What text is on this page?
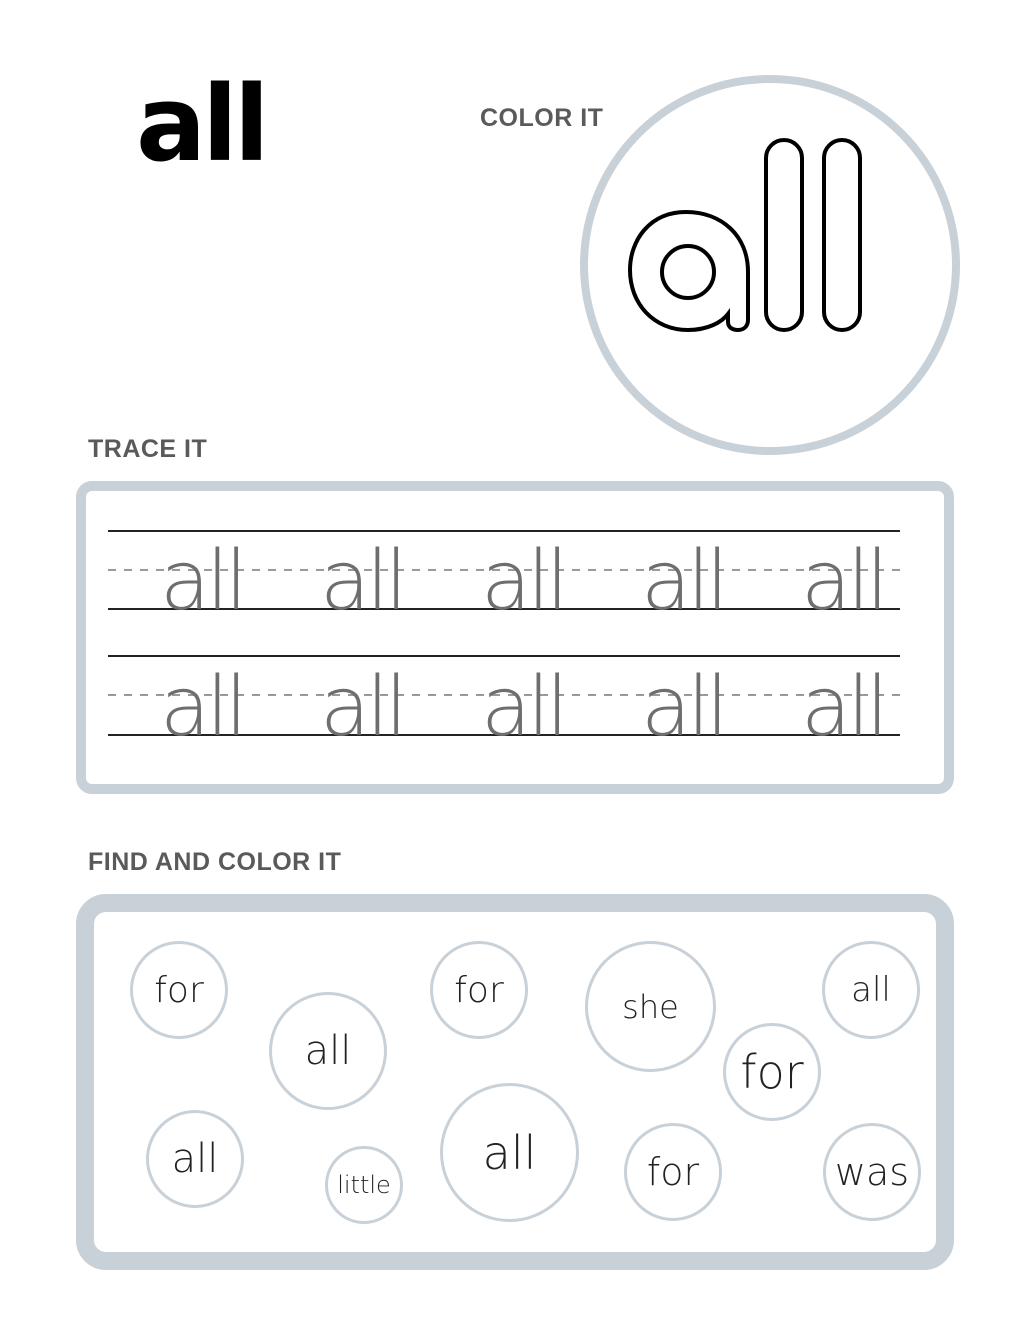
all	COLOR IT
TRACE IT
all all all all all
all all all all all
FIND AND COLOR IT
for
all
for	she	all
for
all
little
all	for	was
